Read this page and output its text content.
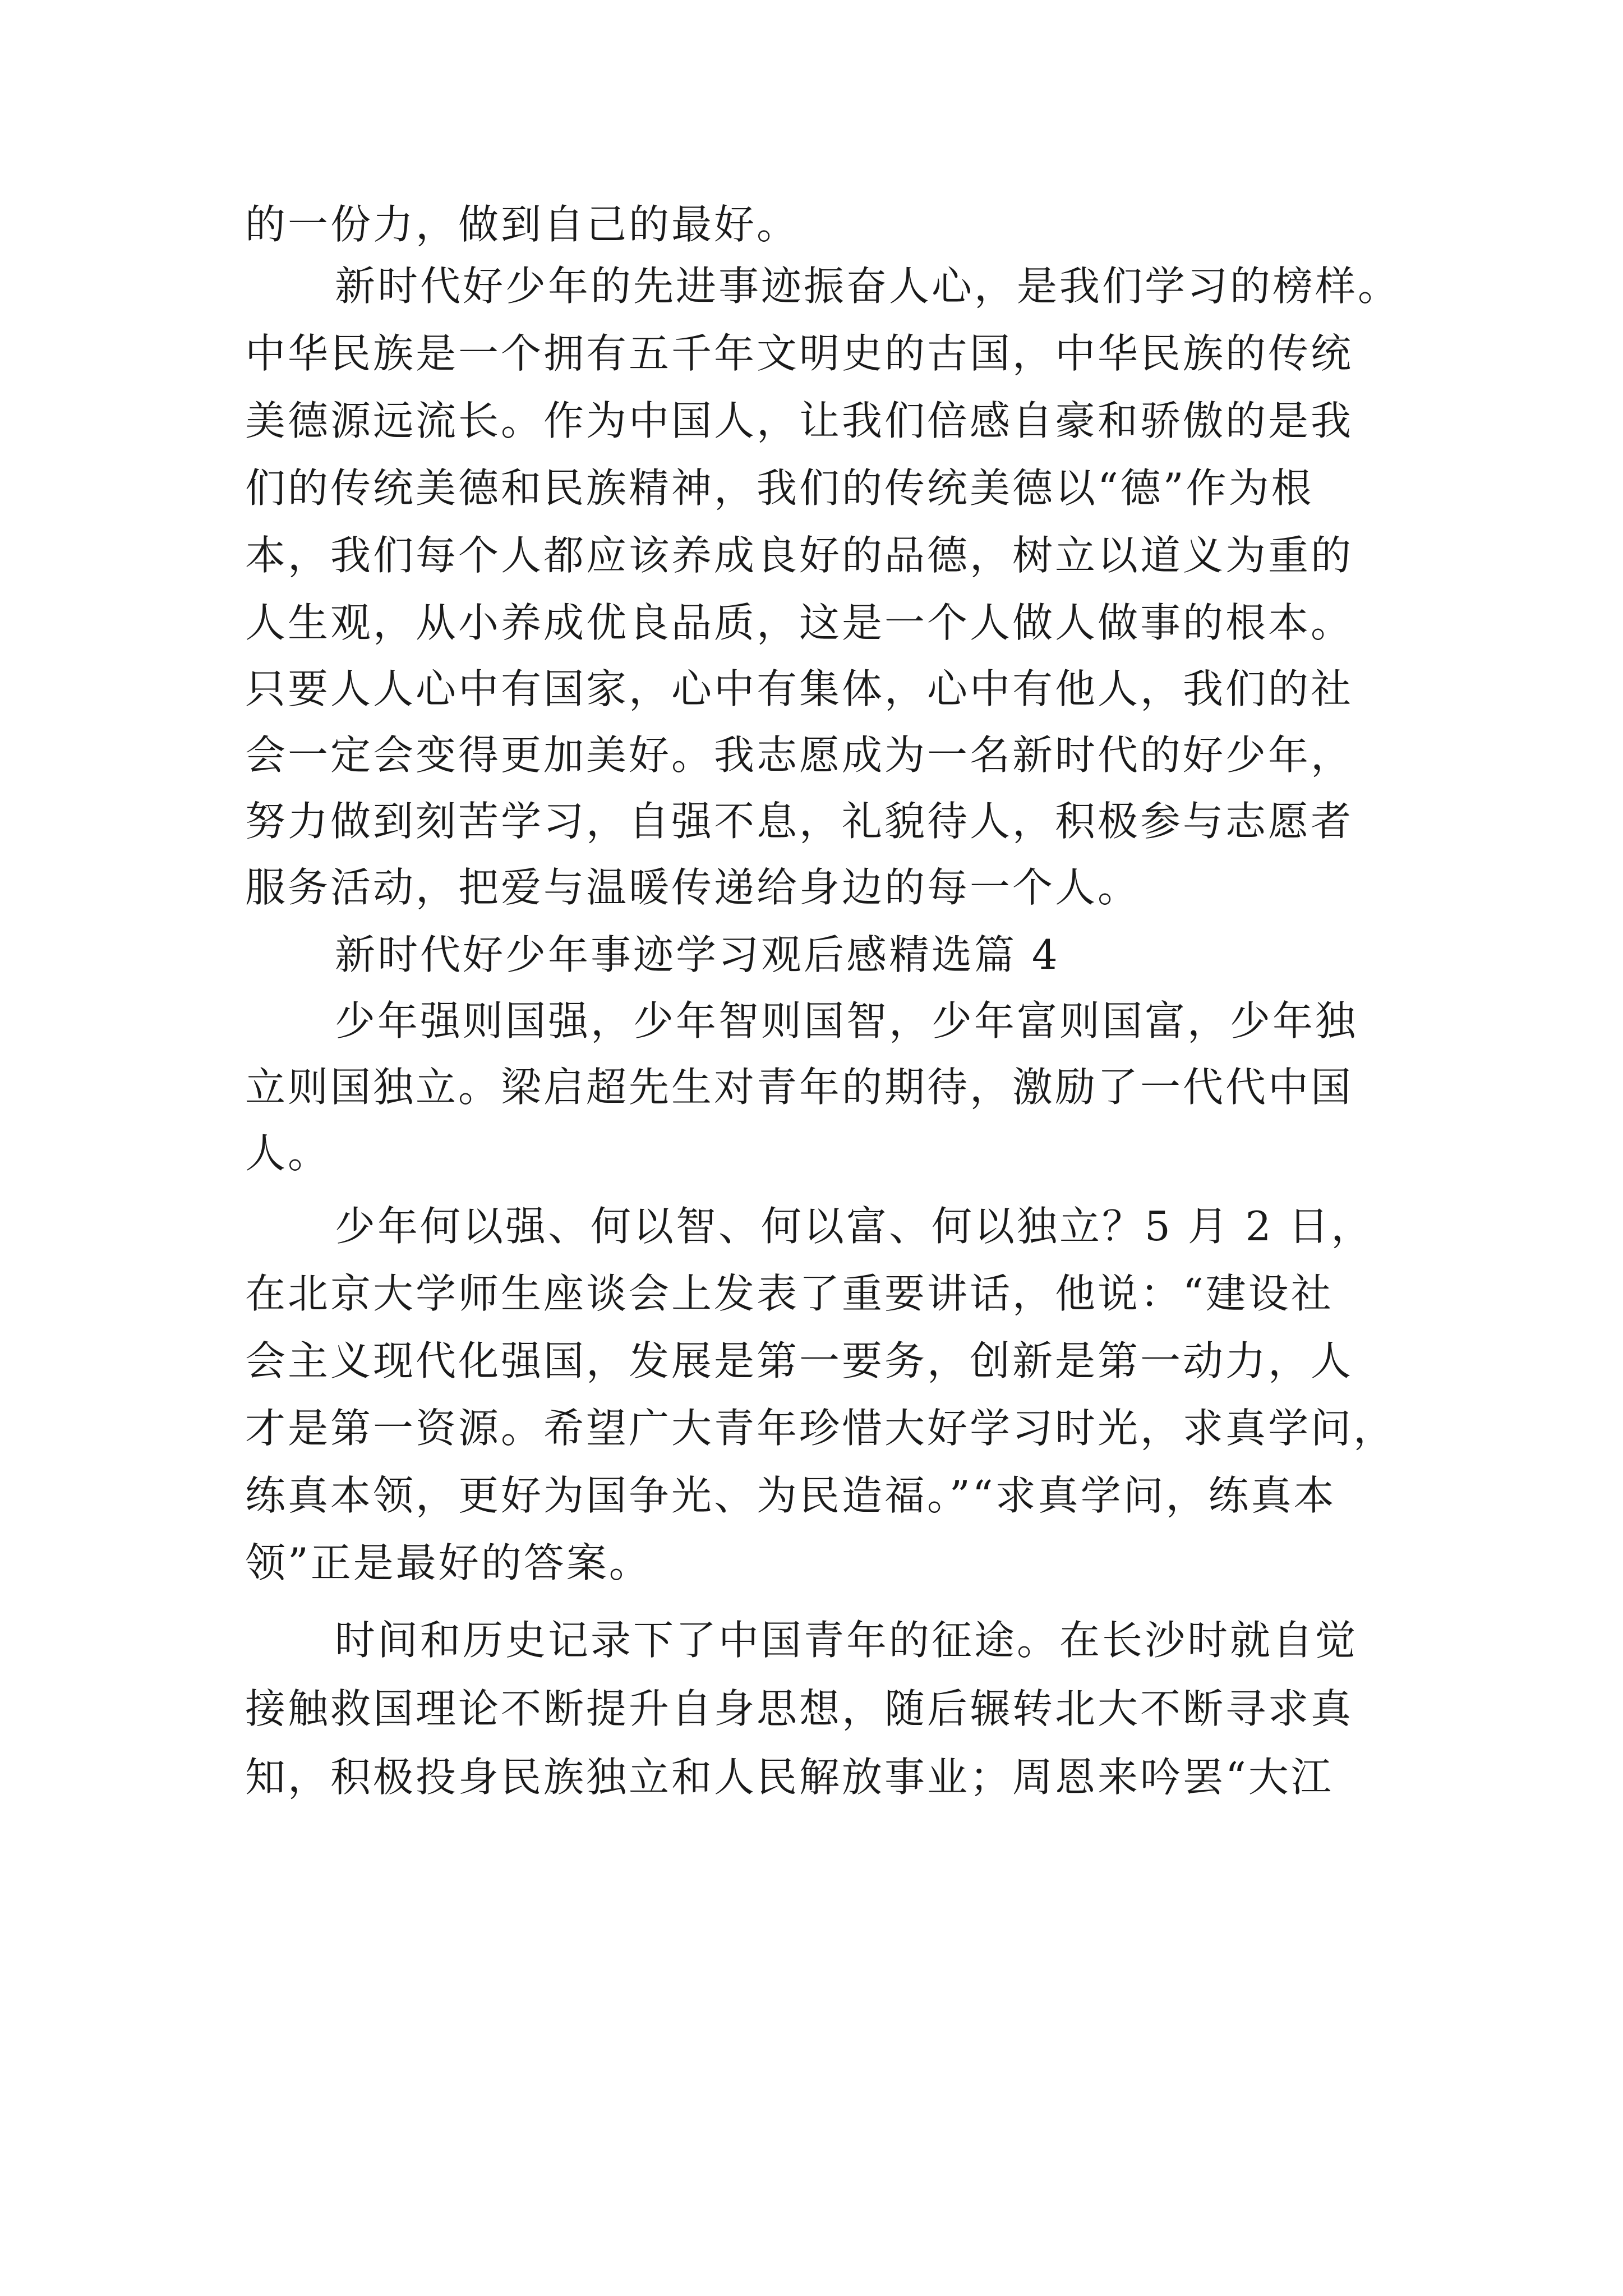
的一份力，做到自己的最好。
新时代好少年的先进事迹振奋人心，是我们学习的榜样。
中华民族是一个拥有五千年文明史的古国，中华民族的传统
美德源远流长。作为中国人，让我们倍感自豪和骄傲的是我
们的传统美德和民族精神，我们的传统美德以“德”作为根
本，我们每个人都应该养成良好的品德，树立以道义为重的
人生观，从小养成优良品质，这是一个人做人做事的根本。
只要人人心中有国家，心中有集体，心中有他人，我们的社
会一定会变得更加美好。我志愿成为一名新时代的好少年，
努力做到刻苦学习，自强不息，礼貌待人，积极参与志愿者
服务活动，把爱与温暖传递给身边的每一个人。
新时代好少年事迹学习观后感精选篇 4
少年强则国强，少年智则国智，少年富则国富，少年独
立则国独立。梁启超先生对青年的期待，激励了一代代中国
人。
少年何以强、何以智、何以富、何以独立？5 月 2 日，
在北京大学师生座谈会上发表了重要讲话，他说：“建设社
会主义现代化强国，发展是第一要务，创新是第一动力，人
才是第一资源。希望广大青年珍惜大好学习时光，求真学问，
练真本领，更好为国争光、为民造福。”“求真学问，练真本
领”正是最好的答案。
时间和历史记录下了中国青年的征途。在长沙时就自觉
接触救国理论不断提升自身思想，随后辗转北大不断寻求真
知，积极投身民族独立和人民解放事业；周恩来吟罢“大江
